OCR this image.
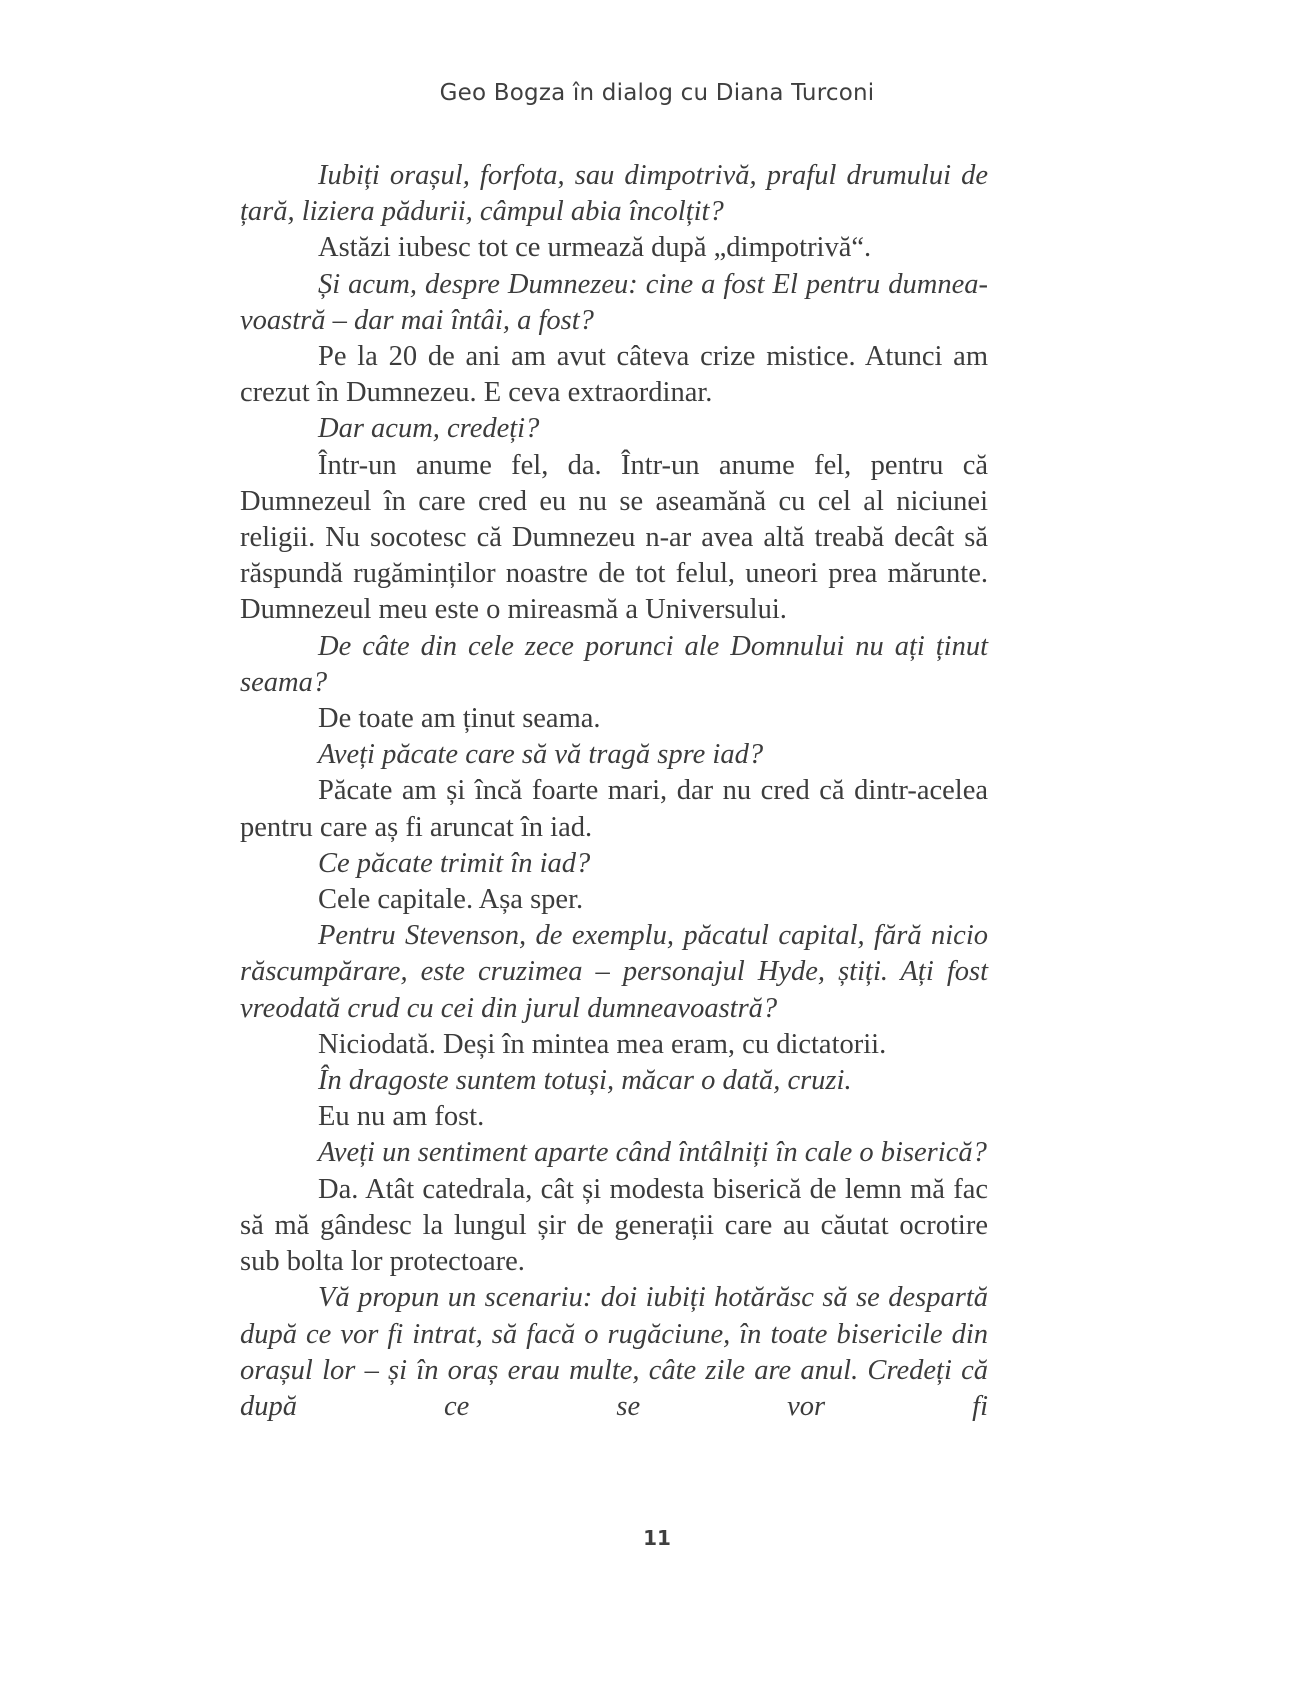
Geo Bogza în dialog cu Diana Turconi

Iubiți orașul, forfota, sau dimpotrivă, praful drumului de țară, liziera pădurii, câmpul abia încolțit?

Astăzi iubesc tot ce urmează după „dimpotrivă“.

Și acum, despre Dumnezeu: cine a fost El pentru dumneavoastră – dar mai întâi, a fost?

Pe la 20 de ani am avut câteva crize mistice. Atunci am crezut în Dumnezeu. E ceva extraordinar.

Dar acum, credeți?

Într-un anume fel, da. Într-un anume fel, pentru că Dumnezeul în care cred eu nu se aseamănă cu cel al niciunei religii. Nu socotesc că Dumnezeu n-ar avea altă treabă decât să răspundă rugăminților noastre de tot felul, uneori prea mărunte. Dumnezeul meu este o mireasmă a Universului.

De câte din cele zece porunci ale Domnului nu ați ținut seama?

De toate am ținut seama.

Aveți păcate care să vă tragă spre iad?

Păcate am și încă foarte mari, dar nu cred că dintr-acelea pentru care aș fi aruncat în iad.

Ce păcate trimit în iad?

Cele capitale. Așa sper.

Pentru Stevenson, de exemplu, păcatul capital, fără nicio răscumpărare, este cruzimea – personajul Hyde, știți. Ați fost vreodată crud cu cei din jurul dumneavoastră?

Niciodată. Deși în mintea mea eram, cu dictatorii.

În dragoste suntem totuși, măcar o dată, cruzi.

Eu nu am fost.

Aveți un sentiment aparte când întâlniți în cale o biserică?

Da. Atât catedrala, cât și modesta biserică de lemn mă fac să mă gândesc la lungul șir de generații care au căutat ocrotire sub bolta lor protectoare.

Vă propun un scenariu: doi iubiți hotărăsc să se despartă după ce vor fi intrat, să facă o rugăciune, în toate bisericile din orașul lor – și în oraș erau multe, câte zile are anul. Credeți că după ce se vor fi

11
